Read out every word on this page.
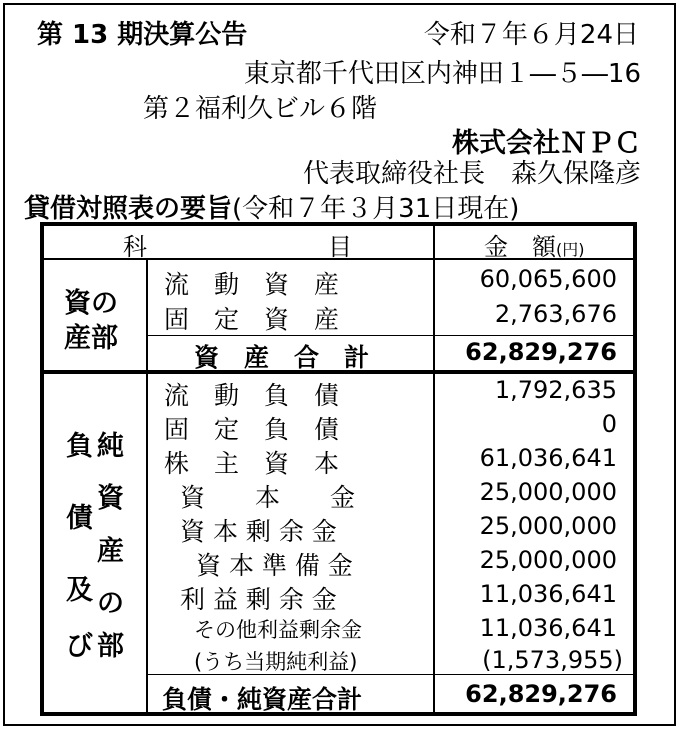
第 13 期決算公告	令和７年６月24日
東京都千代田区内神田１―５―16
第２福利久ビル６階
株式会社ＮＰＣ
代表取締役社長　森久保隆彦
貸借対照表の要旨(令和７年３月31日現在)
科	目	金　額(円)
資の
産部
流　動　資　産	60,065,600
固　定　資　産	2,763,676
資　産　合　計	62,829,276
負
債
及
び
純
資
産
の
部
流　動　負　債	1,792,635
固　定　負　債	0
株　主　資　本	61,036,641
資　　本　　金	25,000,000
資 本 剰 余 金	25,000,000
資 本 準 備 金	25,000,000
利 益 剰 余 金	11,036,641
その他利益剰余金	11,036,641
(うち当期純利益)	(1,573,955)
負債・純資産合計	62,829,276
